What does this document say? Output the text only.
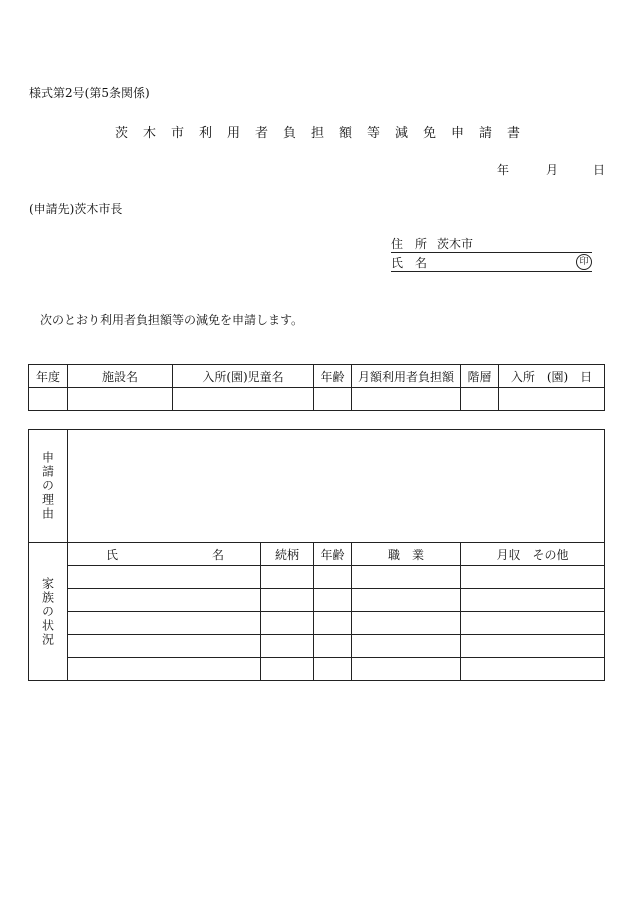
様式第2号(第5条関係)
茨木市利用者負担額等減免申請書
年	月	日
(申請先)茨木市長
住　所 茨木市
氏　名	印
次のとおり利用者負担額等の減免を申請します。
年度	施設名	入所(園)児童名	年齢	月額利用者負担額	階層	入所　(園)　日

申請の理由					

家族の状況	氏 名	続柄	年齢	職　業	月収　その他
